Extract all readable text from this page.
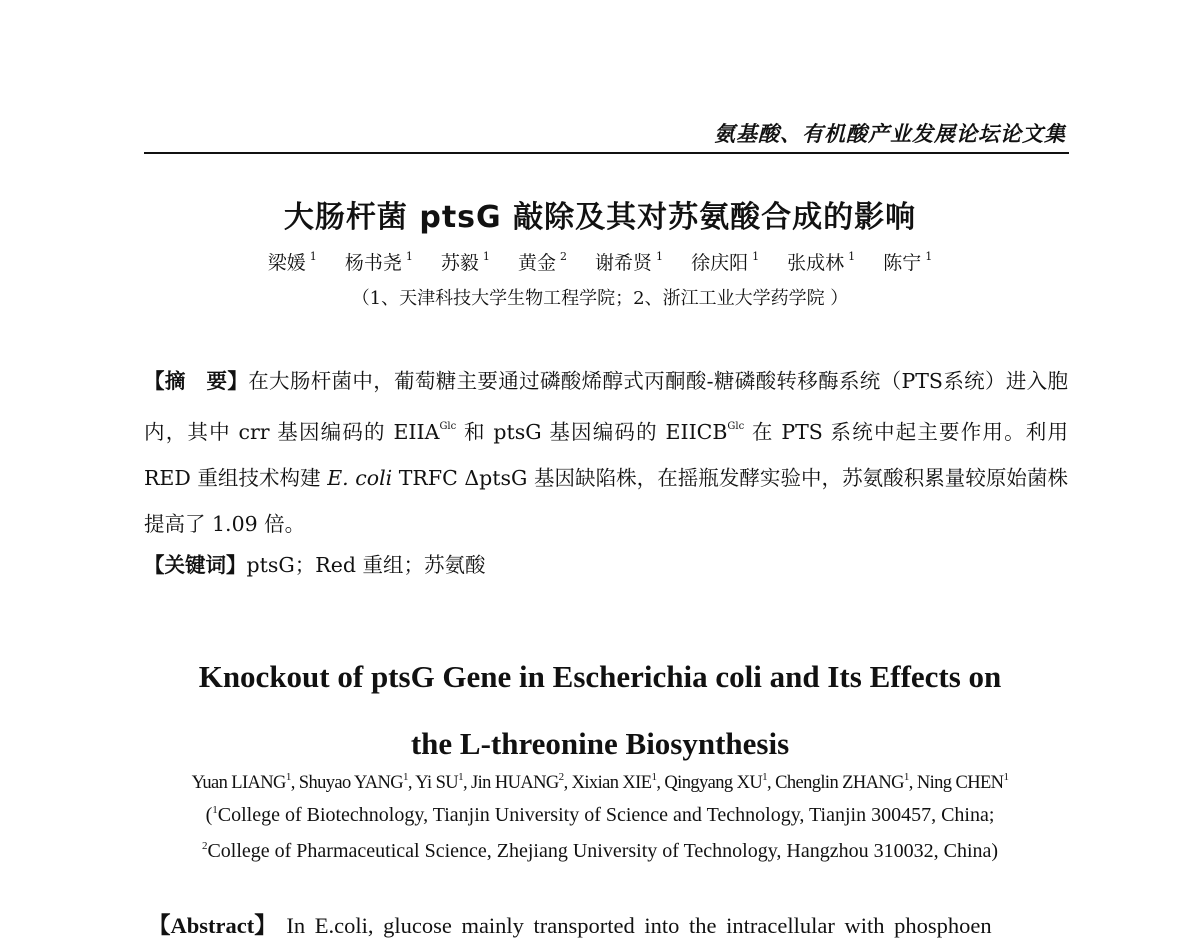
氨基酸、有机酸产业发展论坛论文集
大肠杆菌 ptsG 敲除及其对苏氨酸合成的影响
梁媛 $^1$ 杨书尧 $^1$ 苏毅 $^1$ 黄金 $^2$ 谢希贤 $^1$ 徐庆阳 $^1$ 张成林 $^1$ 陈宁 $^1$
（1、天津科技大学生物工程学院；2、浙江工业大学药学院 ）
【摘　要】在大肠杆菌中，葡萄糖主要通过磷酸烯醇式丙酮酸-糖磷酸转移酶系统（PTS系统）进入胞内，其中 crr 基因编码的 $EIIA^{Glc}$ 和 ptsG 基因编码的 $EIICB^{Glc}$ 在 PTS 系统中起主要作用。利用 RED 重组技术构建 E. coli TRFC ΔptsG 基因缺陷株，在摇瓶发酵实验中，苏氨酸积累量较原始菌株提高了 1.09 倍。
【关键词】ptsG；Red 重组；苏氨酸
Knockout of ptsG Gene in Escherichia coli and Its Effects on
the L-threonine Biosynthesis
Yuan LIANG$^1$, Shuyao YANG$^1$, Yi $SU^1$, Jin HUANG$^2$, Xixian XIE$^1$, Qingyang $XU^1$, Chenglin ZHANG$^1$, Ning CHEN$^1$
($^1$College of Biotechnology, Tianjin University of Science and Technology, Tianjin 300457, China;
$^2$College of Pharmaceutical Science, Zhejiang University of Technology, Hangzhou 310032, China)
【Abstract】 In E.coli, glucose mainly transported into the intracellular with phosphoen
